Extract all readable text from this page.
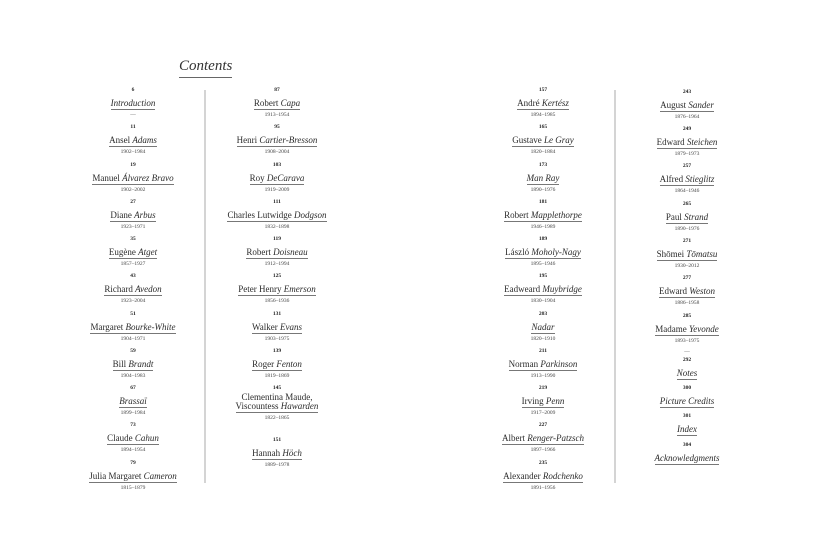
Contents
6
Introduction
—
11
Ansel Adams
1902–1984
19
Manuel Álvarez Bravo
1902–2002
27
Diane Arbus
1923–1971
35
Eugène Atget
1857–1927
43
Richard Avedon
1923–2004
51
Margaret Bourke-White
1904–1971
59
Bill Brandt
1904–1983
67
Brassaï
1899–1984
73
Claude Cahun
1894–1954
79
Julia Margaret Cameron
1815–1879
87
Robert Capa
1913–1954
95
Henri Cartier-Bresson
1908–2004
103
Roy DeCarava
1919–2009
111
Charles Lutwidge Dodgson
1832–1898
119
Robert Doisneau
1912–1994
125
Peter Henry Emerson
1856–1936
131
Walker Evans
1903–1975
139
Roger Fenton
1819–1869
145
Clementina Maude,
Viscountess Hawarden
1822–1865
151
Hannah Höch
1889–1978
157
André Kertész
1894–1985
165
Gustave Le Gray
1820–1884
173
Man Ray
1890–1976
181
Robert Mapplethorpe
1946–1989
189
László Moholy-Nagy
1895–1946
195
Eadweard Muybridge
1830–1904
203
Nadar
1820–1910
211
Norman Parkinson
1913–1990
219
Irving Penn
1917–2009
227
Albert Renger-Patzsch
1897–1966
235
Alexander Rodchenko
1891–1956
243
August Sander
1876–1964
249
Edward Steichen
1879–1973
257
Alfred Stieglitz
1864–1946
265
Paul Strand
1890–1976
271
Shōmei Tōmatsu
1930–2012
277
Edward Weston
1886–1958
285
Madame Yevonde
1893–1975
—
292
Notes
300
Picture Credits
301
Index
304
Acknowledgments
